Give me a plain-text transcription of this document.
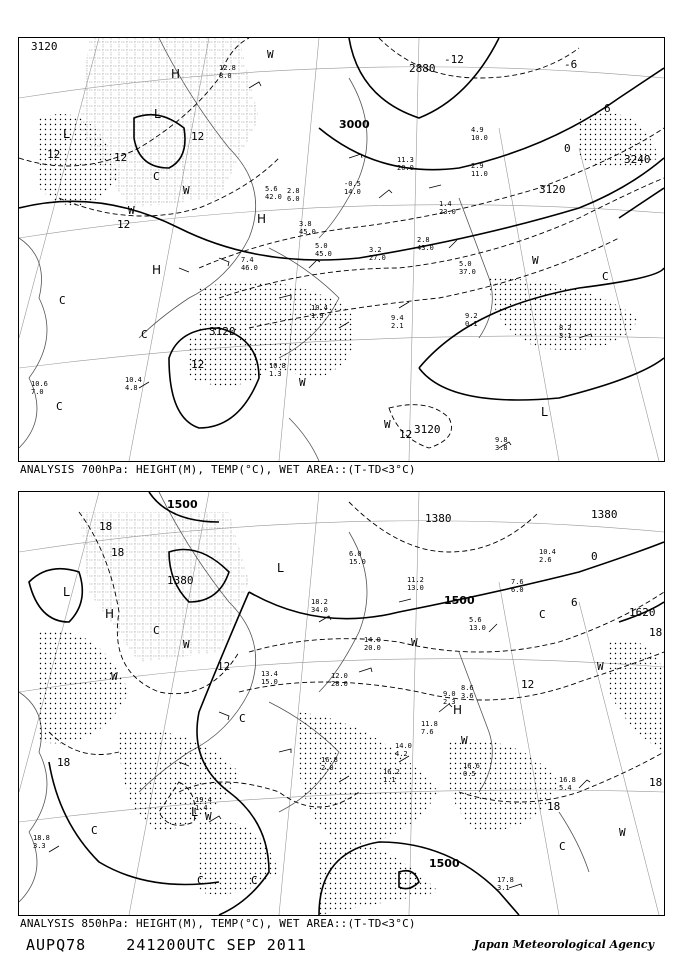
3120
3000
2880
3240
3120
3120
3120
12	12
12
12
6
0
-6
12
12
-12
H
L
L
H
L
H
C
W
W
C
C
C
W
W
C
W
W
12.8
8.0
4.9
10.0
11.3
20.0
-0.5
14.0
2.8
6.0
3.8
45.0
7.4
46.0
5.0
45.0
2.8
43.0
1.4
23.0
5.0
37.0
9.2
0.1	8.2
3.1
10.4
4.8
10.6
7.0
10.8
1.3
9.8
3.8
10.4
1.9	9.4
2.1
2.9
11.0
5.6
42.0
3.2
27.0
ANALYSIS 700hPa: HEIGHT(M), TEMP(°C), WET AREA::(T-TD<3°C)
1500
1380	1380
1500
1620
1500
1380
18
18
12
18
6
0
12
18
18
18
L
H
L
H
L
C
W
W
C
C
C
W
W
C
W
W
C
C
W
18.2
34.0
12.0
28.0
14.0
20.0
11.2
13.0
6.0
15.0
9.0
2.3
5.6
13.0
8.6
3.6
11.8
7.6
13.4
15.0
14.0
4.2
16.2
1.1
16.8
2.0
17.8
3.1
16.8
5.4
19.4
1.4
18.8
3.3
16.6
0.5
10.4
2.6
7.6
6.0
ANALYSIS 850hPa: HEIGHT(M), TEMP(°C), WET AREA::(T-TD<3°C)
AUPQ78    241200UTC SEP 2011	Japan Meteorological Agency
